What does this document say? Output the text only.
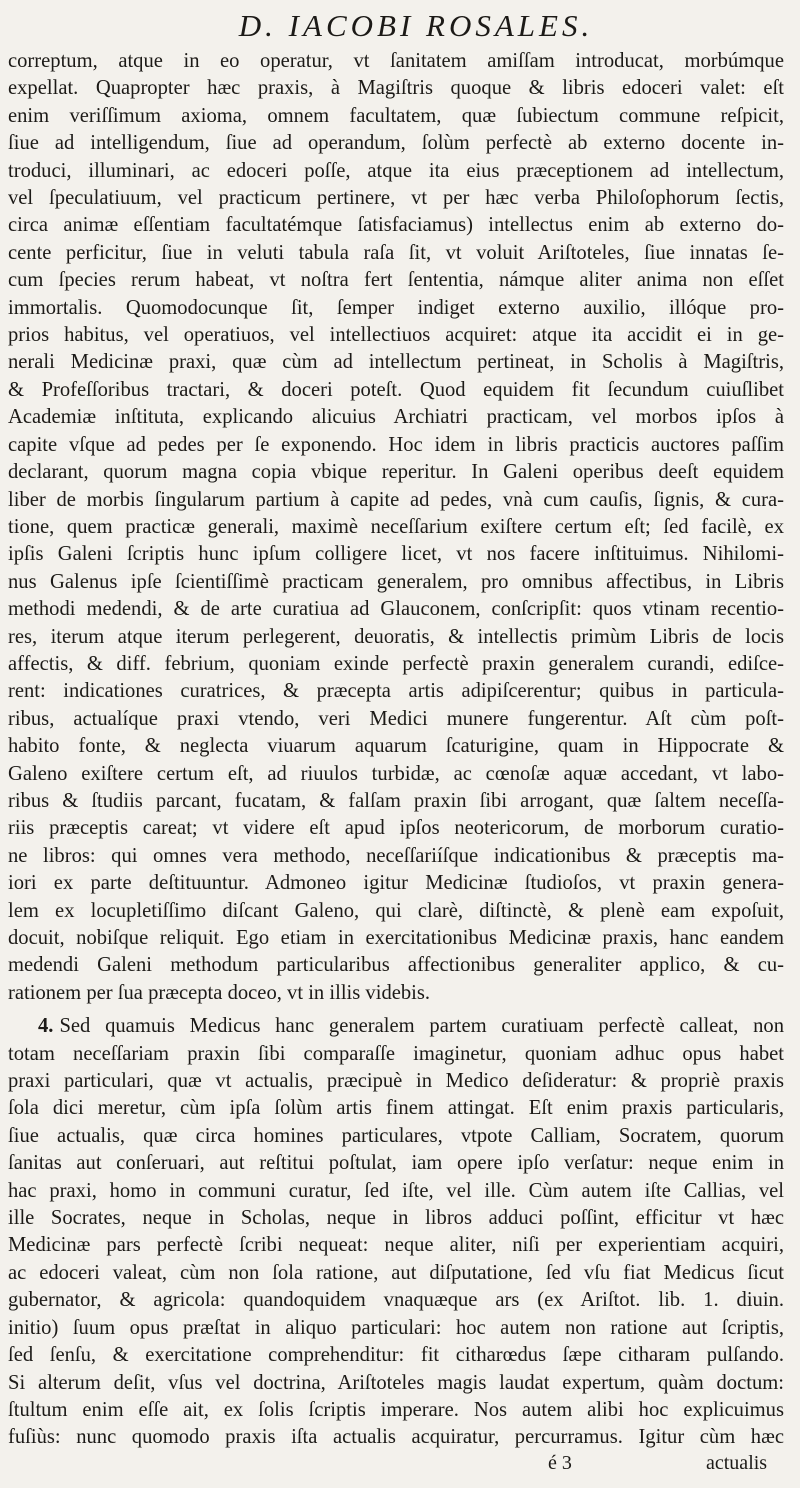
D. IACOBI ROSALES.
correptum, atque in eo operatur, vt ſanitatem amiſſam introducat, morbúmque
expellat. Quapropter hæc praxis, à Magiſtris quoque & libris edoceri valet: eſt
enim veriſſimum axioma, omnem facultatem, quæ ſubiectum commune reſpicit,
ſiue ad intelligendum, ſiue ad operandum, ſolùm perfectè ab externo docente in-
troduci, illuminari, ac edoceri poſſe, atque ita eius præceptionem ad intellectum,
vel ſpeculatiuum, vel practicum pertinere, vt per hæc verba Philoſophorum ſectis,
circa animæ eſſentiam facultatémque ſatisfaciamus) intellectus enim ab externo do-
cente perficitur, ſiue in veluti tabula raſa ſit, vt voluit Ariſtoteles, ſiue innatas ſe-
cum ſpecies rerum habeat, vt noſtra fert ſententia, námque aliter anima non eſſet
immortalis. Quomodocunque ſit, ſemper indiget externo auxilio, illóque pro-
prios habitus, vel operatiuos, vel intellectiuos acquiret: atque ita accidit ei in ge-
nerali Medicinæ praxi, quæ cùm ad intellectum pertineat, in Scholis à Magiſtris,
& Profeſſoribus tractari, & doceri poteſt. Quod equidem fit ſecundum cuiuſlibet
Academiæ inſtituta, explicando alicuius Archiatri practicam, vel morbos ipſos à
capite vſque ad pedes per ſe exponendo. Hoc idem in libris practicis auctores paſſim
declarant, quorum magna copia vbique reperitur. In Galeni operibus deeſt equidem
liber de morbis ſingularum partium à capite ad pedes, vnà cum cauſis, ſignis, & cura-
tione, quem practicæ generali, maximè neceſſarium exiſtere certum eſt; ſed facilè, ex
ipſis Galeni ſcriptis hunc ipſum colligere licet, vt nos facere inſtituimus. Nihilomi-
nus Galenus ipſe ſcientiſſimè practicam generalem, pro omnibus affectibus, in Libris
methodi medendi, & de arte curatiua ad Glauconem, conſcripſit: quos vtinam recentio-
res, iterum atque iterum perlegerent, deuoratis, & intellectis primùm Libris de locis
affectis, & diff. febrium, quoniam exinde perfectè praxin generalem curandi, ediſce-
rent: indicationes curatrices, & præcepta artis adipiſcerentur; quibus in particula-
ribus, actualíque praxi vtendo, veri Medici munere fungerentur. Aſt cùm poſt-
habito fonte, & neglecta viuarum aquarum ſcaturigine, quam in Hippocrate &
Galeno exiſtere certum eſt, ad riuulos turbidæ, ac cœnoſæ aquæ accedant, vt labo-
ribus & ſtudiis parcant, fucatam, & falſam praxin ſibi arrogant, quæ ſaltem neceſſa-
riis præceptis careat; vt videre eſt apud ipſos neotericorum, de morborum curatio-
ne libros: qui omnes vera methodo, neceſſariíſque indicationibus & præceptis ma-
iori ex parte deſtituuntur. Admoneo igitur Medicinæ ſtudioſos, vt praxin genera-
lem ex locupletiſſimo diſcant Galeno, qui clarè, diſtinctè, & plenè eam expoſuit,
docuit, nobiſque reliquit. Ego etiam in exercitationibus Medicinæ praxis, hanc eandem
medendi Galeni methodum particularibus affectionibus generaliter applico, & cu-
rationem per ſua præcepta doceo, vt in illis videbis.
4. Sed quamuis Medicus hanc generalem partem curatiuam perfectè calleat, non
totam neceſſariam praxin ſibi comparaſſe imaginetur, quoniam adhuc opus habet
praxi particulari, quæ vt actualis, præcipuè in Medico deſideratur: & propriè praxis
ſola dici meretur, cùm ipſa ſolùm artis finem attingat. Eſt enim praxis particularis,
ſiue actualis, quæ circa homines particulares, vtpote Calliam, Socratem, quorum
ſanitas aut conſeruari, aut reſtitui poſtulat, iam opere ipſo verſatur: neque enim in
hac praxi, homo in communi curatur, ſed iſte, vel ille. Cùm autem iſte Callias, vel
ille Socrates, neque in Scholas, neque in libros adduci poſſint, efficitur vt hæc
Medicinæ pars perfectè ſcribi nequeat: neque aliter, niſi per experientiam acquiri,
ac edoceri valeat, cùm non ſola ratione, aut diſputatione, ſed vſu fiat Medicus ſicut
gubernator, & agricola: quandoquidem vnaquæque ars (ex Ariſtot. lib. 1. diuin.
initio) ſuum opus præſtat in aliquo particulari: hoc autem non ratione aut ſcriptis,
ſed ſenſu, & exercitatione comprehenditur: fit citharœdus ſæpe citharam pulſando.
Si alterum deſit, vſus vel doctrina, Ariſtoteles magis laudat expertum, quàm doctum:
ſtultum enim eſſe ait, ex ſolis ſcriptis imperare. Nos autem alibi hoc explicuimus
fuſiùs: nunc quomodo praxis iſta actualis acquiratur, percurramus. Igitur cùm hæc
é 3	actualis
